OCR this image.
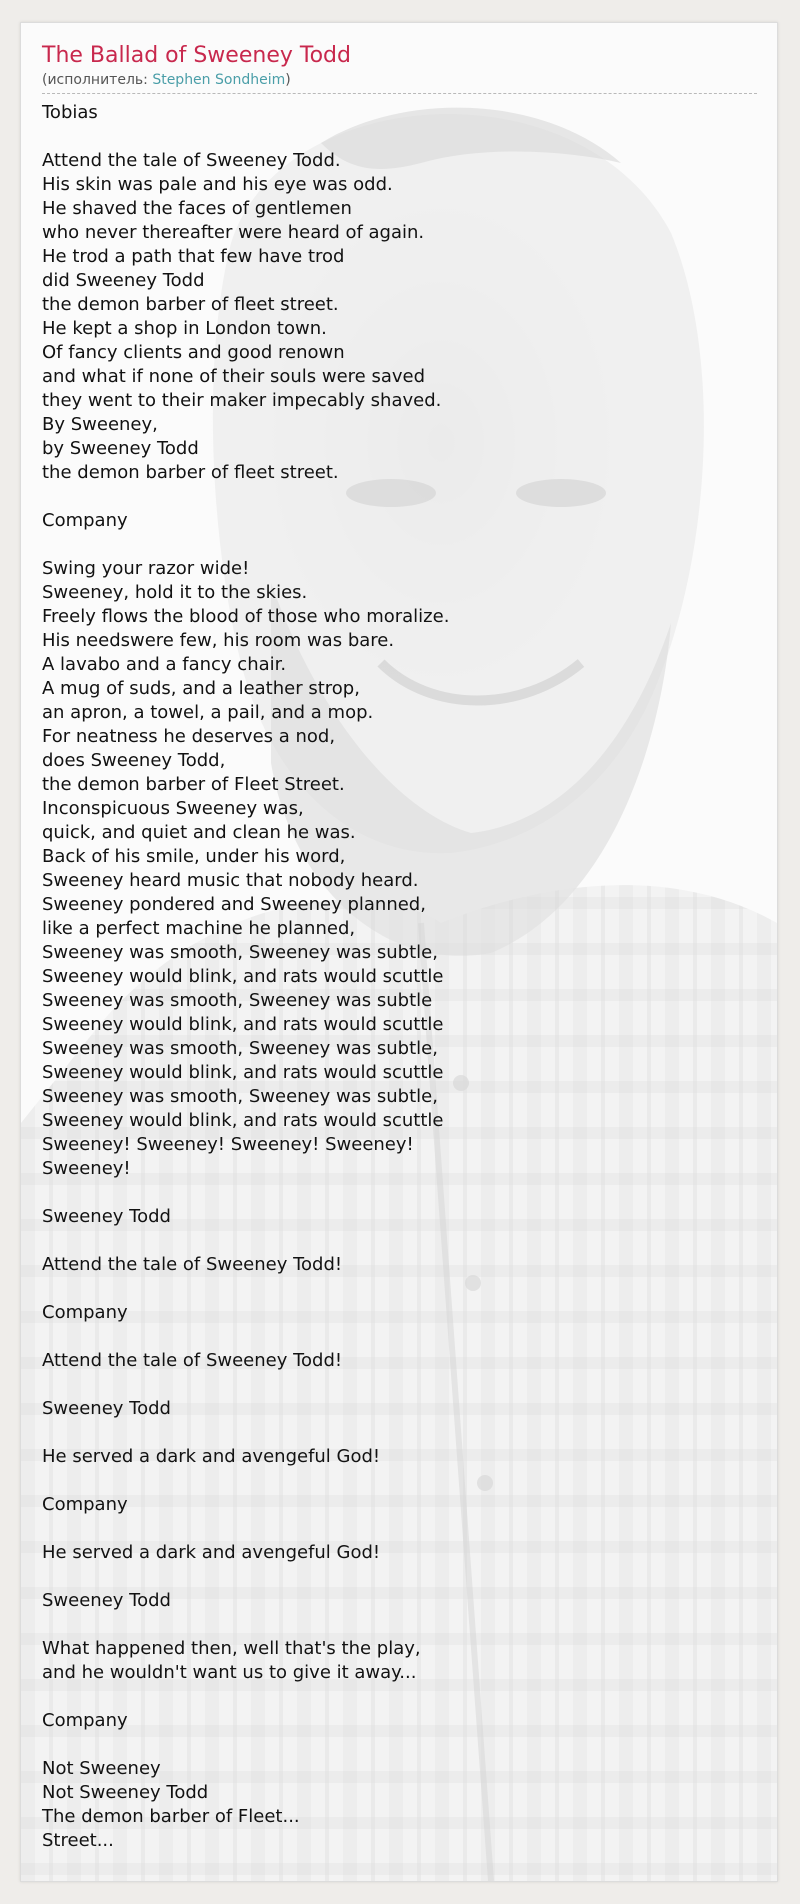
The Ballad of Sweeney Todd
(исполнитель: Stephen Sondheim)
Tobias
Attend the tale of Sweeney Todd.
His skin was pale and his eye was odd.
He shaved the faces of gentlemen
who never thereafter were heard of again.
He trod a path that few have trod
did Sweeney Todd
the demon barber of fleet street.
He kept a shop in London town.
Of fancy clients and good renown
and what if none of their souls were saved
they went to their maker impecably shaved.
By Sweeney,
by Sweeney Todd
the demon barber of fleet street.
Company
Swing your razor wide!
Sweeney, hold it to the skies.
Freely flows the blood of those who moralize.
His needswere few, his room was bare.
A lavabo and a fancy chair.
A mug of suds, and a leather strop,
an apron, a towel, a pail, and a mop.
For neatness he deserves a nod,
does Sweeney Todd,
the demon barber of Fleet Street.
Inconspicuous Sweeney was,
quick, and quiet and clean he was.
Back of his smile, under his word,
Sweeney heard music that nobody heard.
Sweeney pondered and Sweeney planned,
like a perfect machine he planned,
Sweeney was smooth, Sweeney was subtle,
Sweeney would blink, and rats would scuttle
Sweeney was smooth, Sweeney was subtle
Sweeney would blink, and rats would scuttle
Sweeney was smooth, Sweeney was subtle,
Sweeney would blink, and rats would scuttle
Sweeney was smooth, Sweeney was subtle,
Sweeney would blink, and rats would scuttle
Sweeney! Sweeney! Sweeney! Sweeney!
Sweeney!
Sweeney Todd
Attend the tale of Sweeney Todd!
Company
Attend the tale of Sweeney Todd!
Sweeney Todd
He served a dark and avengeful God!
Company
He served a dark and avengeful God!
Sweeney Todd
What happened then, well that's the play,
and he wouldn't want us to give it away...
Company
Not Sweeney
Not Sweeney Todd
The demon barber of Fleet...
Street...
